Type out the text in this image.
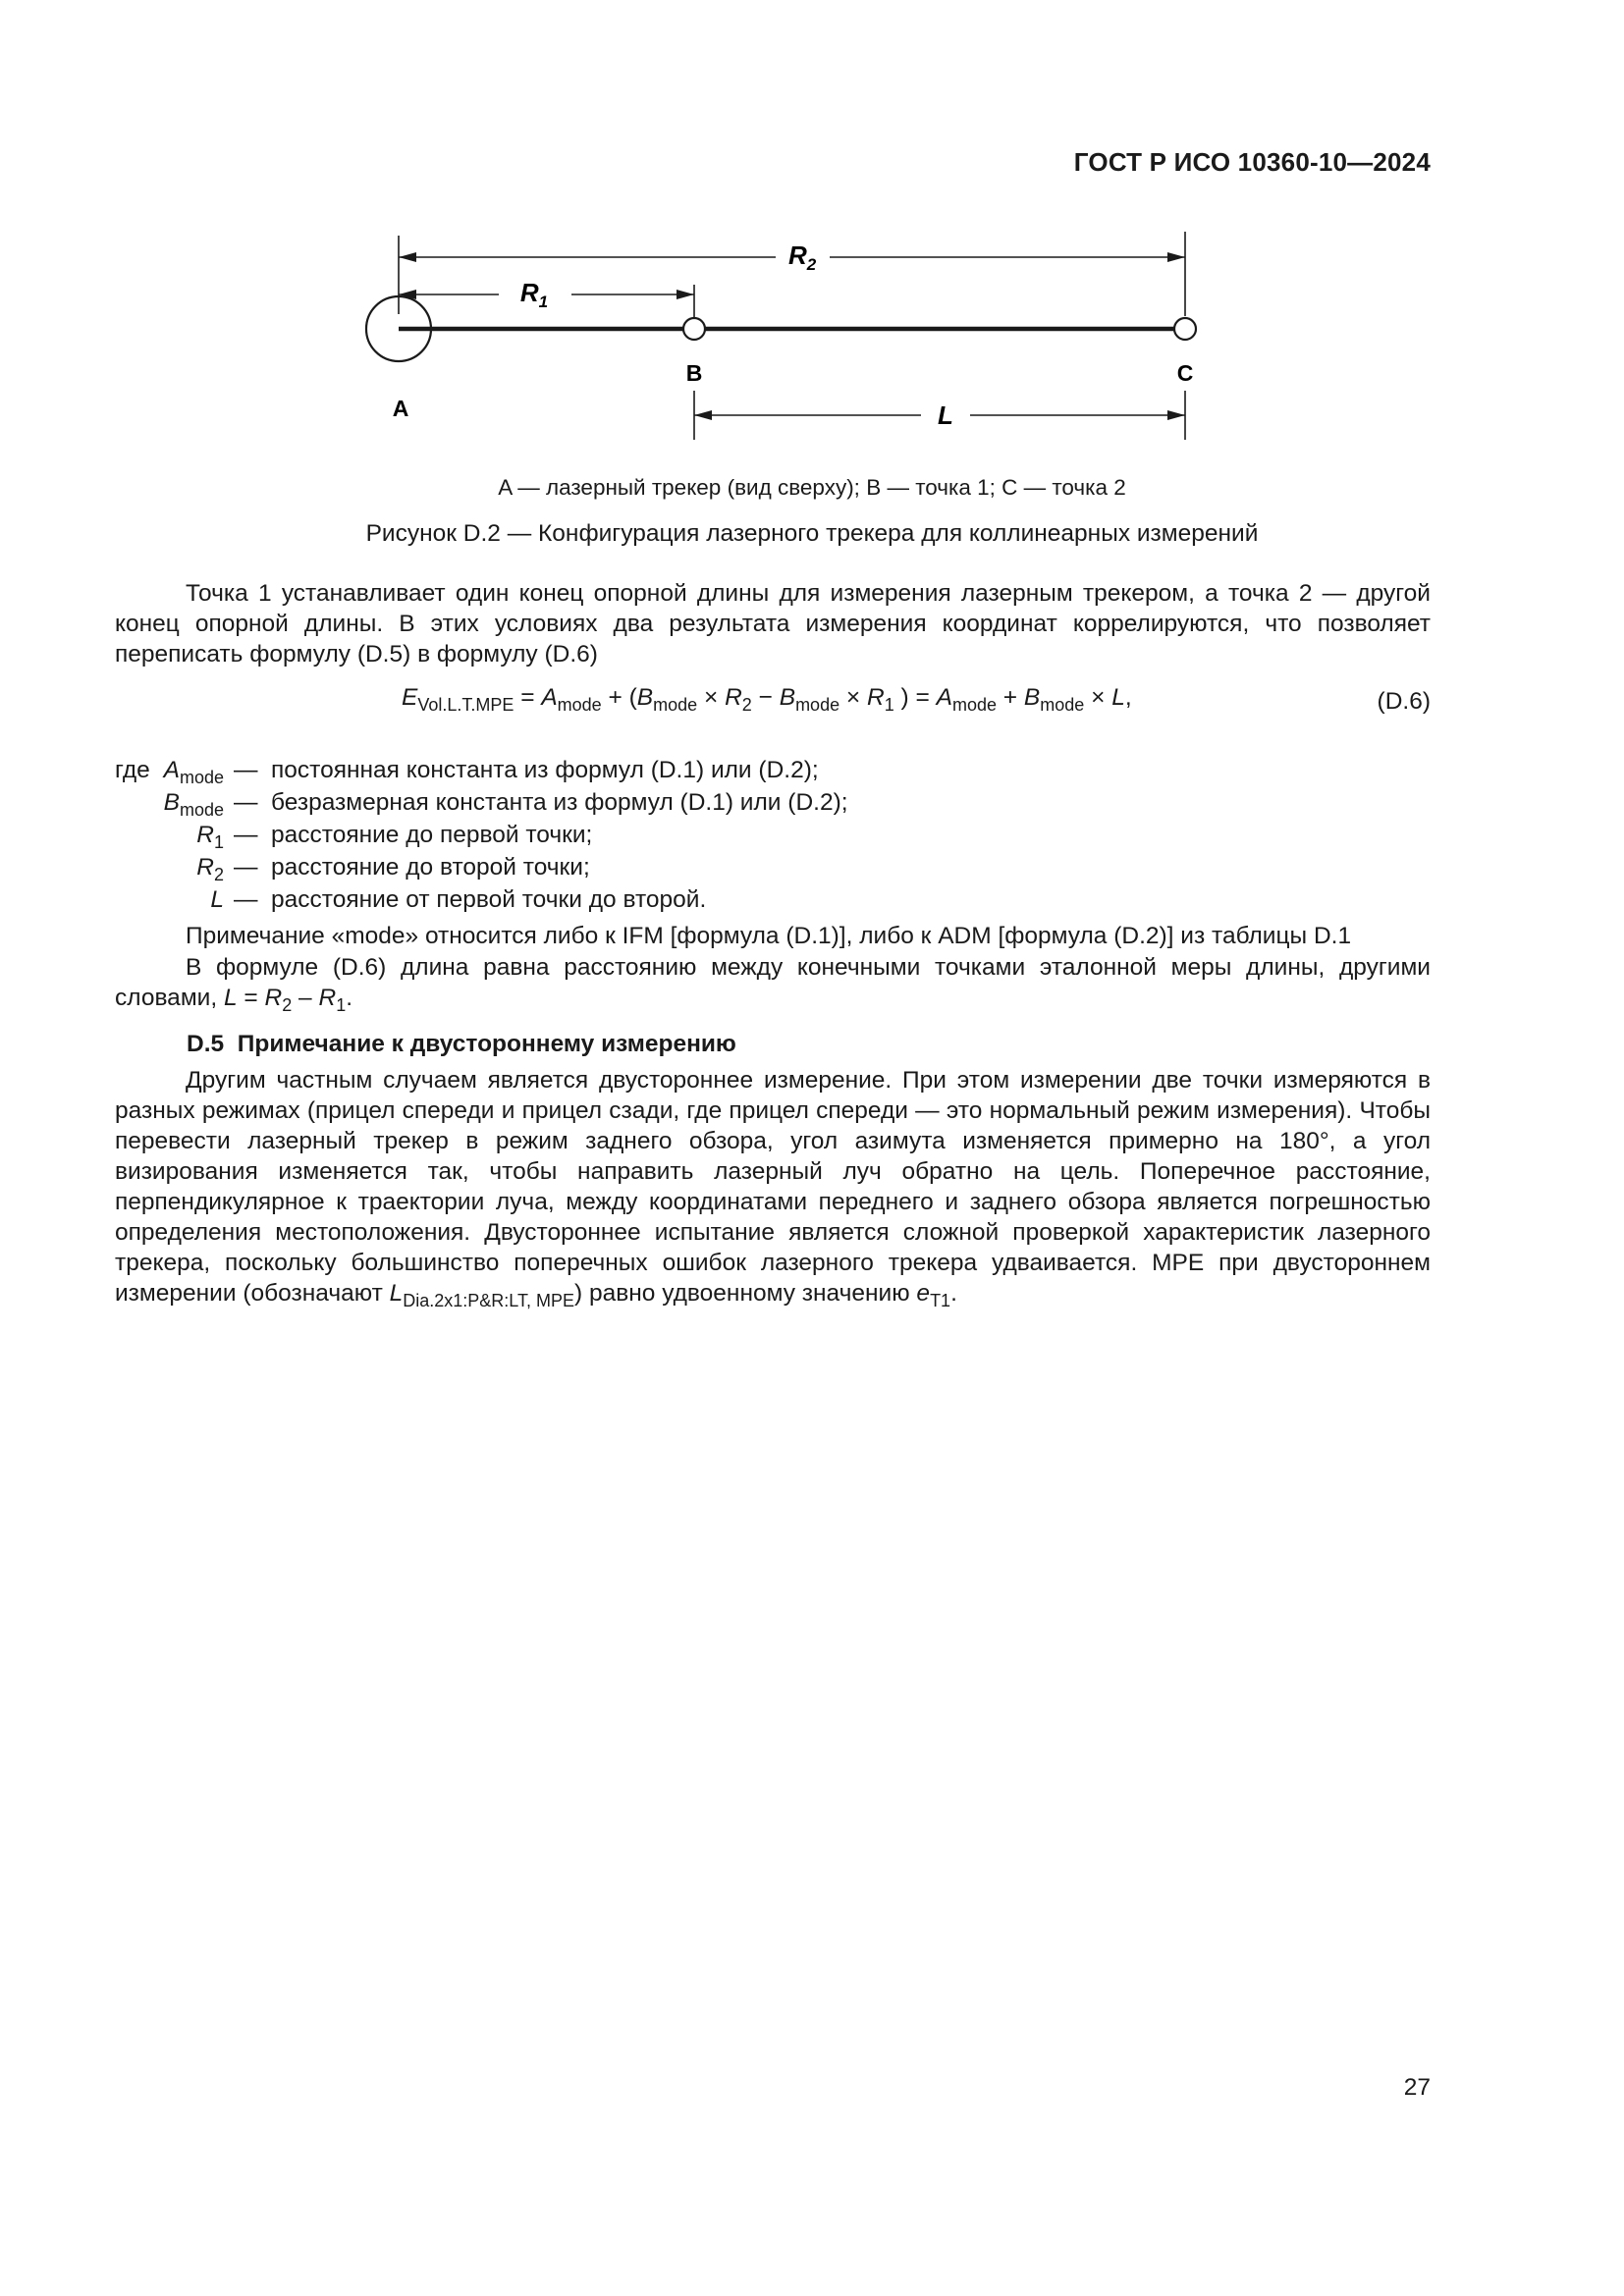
ГОСТ Р ИСО 10360-10—2024
$R_2$
$R_1$
B	C
A	L
A — лазерный трекер (вид сверху); B — точка 1; C — точка 2
Рисунок D.2 — Конфигурация лазерного трекера для коллинеарных измерений
Точка 1 устанавливает один конец опорной длины для измерения лазерным трекером, а точка 2 — другой конец опорной длины. В этих условиях два результата измерения координат коррелируются, что позволяет переписать формулу (D.5) в формулу (D.6)
$E_{Vol.L.T.MPE} = A_{mode} + (B_{mode} \times R_2 - B_{mode} \times R_1$ ) = $A_{mode} + B_{mode} \times L$,	(D.6)
где $A_{mode}$ — постоянная константа из формул (D.1) или (D.2);
$B_{mode}$ — безразмерная константа из формул (D.1) или (D.2);
$R_1$ — расстояние до первой точки;
$R_2$ — расстояние до второй точки;
L — расстояние от первой точки до второй.
Примечание «mode» относится либо к IFM [формула (D.1)], либо к ADM [формула (D.2)] из таблицы D.1
В формуле (D.6) длина равна расстоянию между конечными точками эталонной меры длины, другими словами, $L = R_2 - R_1$.
D.5 Примечание к двустороннему измерению
Другим частным случаем является двустороннее измерение. При этом измерении две точки измеряются в разных режимах (прицел спереди и прицел сзади, где прицел спереди — это нормальный режим измерения). Чтобы перевести лазерный трекер в режим заднего обзора, угол азимута изменяется примерно на 180°, а угол визирования изменяется так, чтобы направить лазерный луч обратно на цель. Поперечное расстояние, перпендикулярное к траектории луча, между координатами переднего и заднего обзора является погрешностью определения местоположения. Двустороннее испытание является сложной проверкой характеристик лазерного трекера, поскольку большинство поперечных ошибок лазерного трекера удваивается. MPE при двустороннем измерении (обозначают $L_{Dia.2x1:P\&R:LT, MPE}$) равно удвоенному значению $e_{T1}$.
27
